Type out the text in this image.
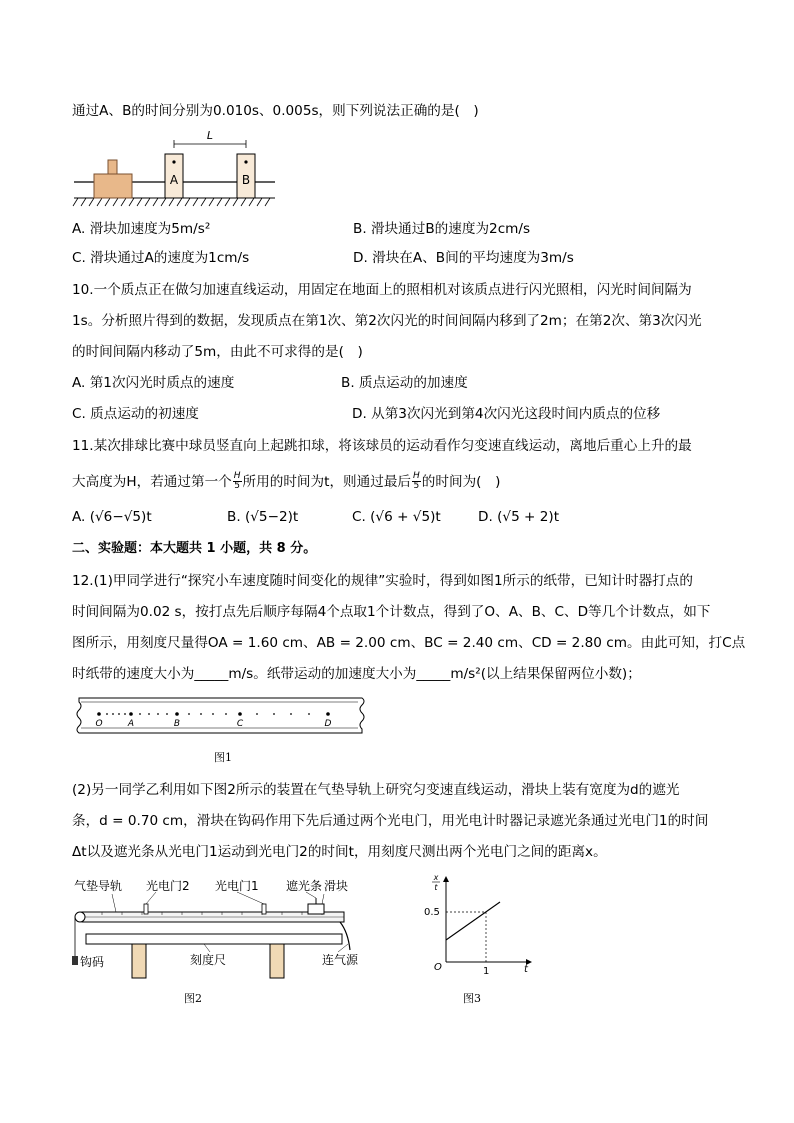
通过A、B的时间分别为0.010s、0.005s，则下列说法正确的是(　)
L
A	B
A. 滑块加速度为5m/s²	B. 滑块通过B的速度为2cm/s
C. 滑块通过A的速度为1cm/s	D. 滑块在A、B间的平均速度为3m/s
10.一个质点正在做匀加速直线运动，用固定在地面上的照相机对该质点进行闪光照相，闪光时间间隔为
1s。分析照片得到的数据，发现质点在第1次、第2次闪光的时间间隔内移到了2m；在第2次、第3次闪光
的时间间隔内移动了5m，由此不可求得的是(　)
A. 第1次闪光时质点的速度	B. 质点运动的加速度
C. 质点运动的初速度	D. 从第3次闪光到第4次闪光这段时间内质点的位移
11.某次排球比赛中球员竖直向上起跳扣球，将该球员的运动看作匀变速直线运动，离地后重心上升的最
大高度为H，若通过第一个 $\frac{H}{5}$ 所用的时间为t，则通过最后 $\frac{H}{5}$ 的时间为(　)
A. (√6−√5)t	B. (√5−2)t	C. (√6 + √5)t	D. (√5 + 2)t
二、实验题：本大题共 1 小题，共 8 分。
12.(1)甲同学进行“探究小车速度随时间变化的规律”实验时，得到如图1所示的纸带，已知计时器打点的
时间间隔为0.02 s，按打点先后顺序每隔4个点取1个计数点，得到了O、A、B、C、D等几个计数点，如下
图所示，用刻度尺量得OA = 1.60 cm、AB = 2.00 cm、BC = 2.40 cm、CD = 2.80 cm。由此可知，打C点
时纸带的速度大小为_____m/s。纸带运动的加速度大小为_____m/s²(以上结果保留两位小数)；
O	A	B	C	D
图1
(2)另一同学乙利用如下图2所示的装置在气垫导轨上研究匀变速直线运动，滑块上装有宽度为d的遮光
条，d = 0.70 cm，滑块在钩码作用下先后通过两个光电门，用光电计时器记录遮光条通过光电门1的时间
Δt以及遮光条从光电门1运动到光电门2的时间t，用刻度尺测出两个光电门之间的距离x。
气垫导轨 光电门2 光电门1 遮光条 滑块
钩码	刻度尺	连气源
图2
x
t
0.5
O	1	t
图3
